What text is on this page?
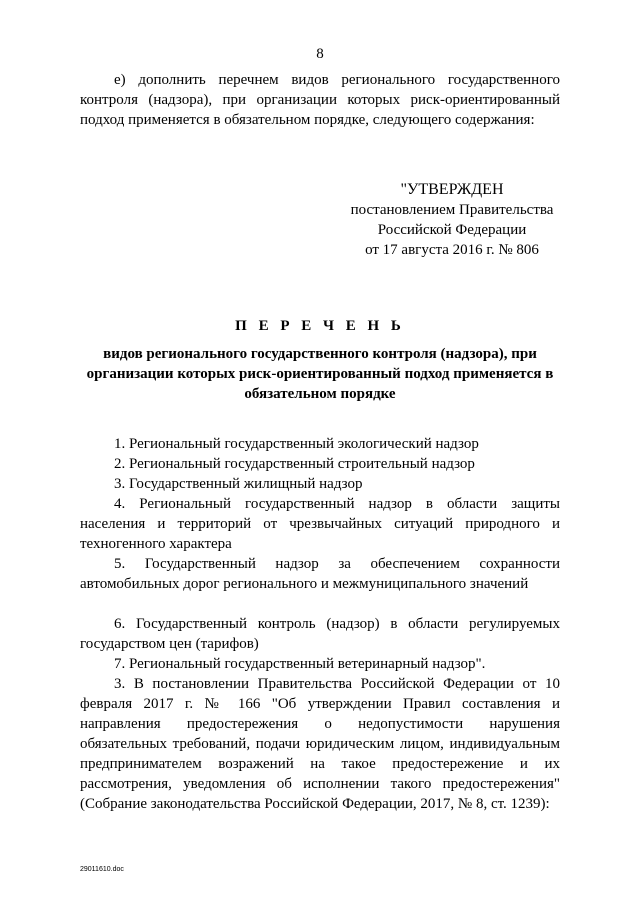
8

е) дополнить перечнем видов регионального государственного контроля (надзора), при организации которых риск-ориентированный подход применяется в обязательном порядке, следующего содержания:

"УТВЕРЖДЕН
постановлением Правительства
Российской Федерации
от 17 августа 2016 г. № 806
П Е Р Е Ч Е Н Ь
видов регионального государственного контроля (надзора), при организации которых риск-ориентированный подход применяется в обязательном порядке

1. Региональный государственный экологический надзор

2. Региональный государственный строительный надзор

3. Государственный жилищный надзор

4. Региональный государственный надзор в области защиты населения и территорий от чрезвычайных ситуаций природного и техногенного характера

5. Государственный надзор за обеспечением сохранности автомобильных дорог регионального и межмуниципального значений

6. Государственный контроль (надзор) в области регулируемых государством цен (тарифов)

7. Региональный государственный ветеринарный надзор".

3. В постановлении Правительства Российской Федерации от 10 февраля 2017 г. № 166 "Об утверждении Правил составления и направления предостережения о недопустимости нарушения обязательных требований, подачи юридическим лицом, индивидуальным предпринимателем возражений на такое предостережение и их рассмотрения, уведомления об исполнении такого предостережения" (Собрание законодательства Российской Федерации, 2017, № 8, ст. 1239):

29011610.doc
